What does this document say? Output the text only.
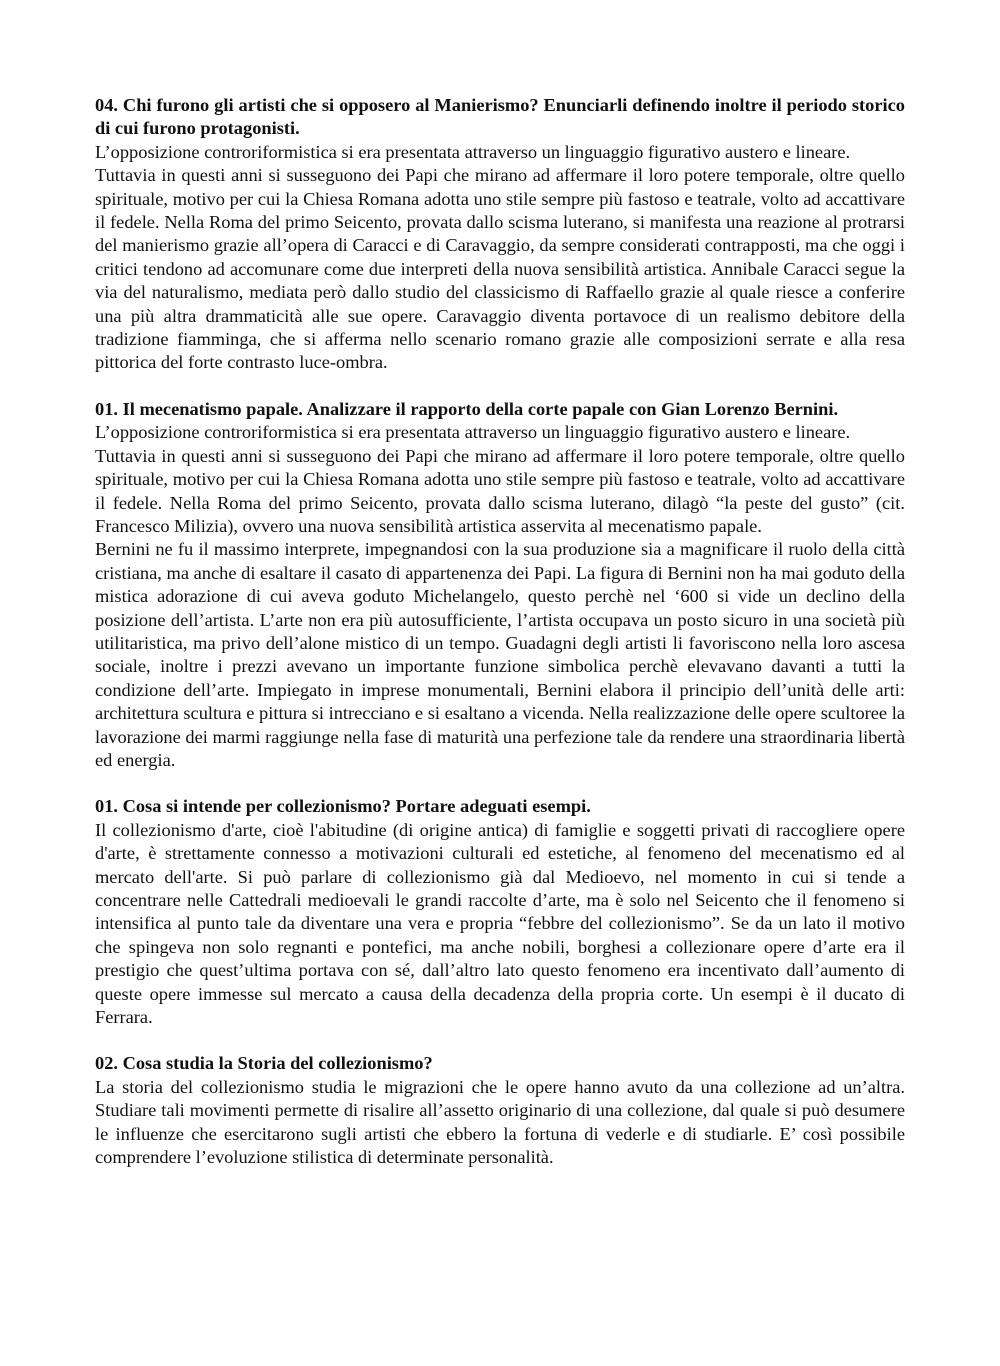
04. Chi furono gli artisti che si opposero al Manierismo? Enunciarli definendo inoltre il periodo storico di cui furono protagonisti.

L’opposizione controriformistica si era presentata attraverso un linguaggio figurativo austero e lineare.

Tuttavia in questi anni si susseguono dei Papi che mirano ad affermare il loro potere temporale, oltre quello spirituale, motivo per cui la Chiesa Romana adotta uno stile sempre più fastoso e teatrale, volto ad accattivare il fedele. Nella Roma del primo Seicento, provata dallo scisma luterano, si manifesta una reazione al protrarsi del manierismo grazie all’opera di Caracci e di Caravaggio, da sempre considerati contrapposti, ma che oggi i critici tendono ad accomunare come due interpreti della nuova sensibilità artistica. Annibale Caracci segue la via del naturalismo, mediata però dallo studio del classicismo di Raffaello grazie al quale riesce a conferire una più altra drammaticità alle sue opere. Caravaggio diventa portavoce di un realismo debitore della tradizione fiamminga, che si afferma nello scenario romano grazie alle composizioni serrate e alla resa pittorica del forte contrasto luce-ombra.

01. Il mecenatismo papale. Analizzare il rapporto della corte papale con Gian Lorenzo Bernini.

L’opposizione controriformistica si era presentata attraverso un linguaggio figurativo austero e lineare.

Tuttavia in questi anni si susseguono dei Papi che mirano ad affermare il loro potere temporale, oltre quello spirituale, motivo per cui la Chiesa Romana adotta uno stile sempre più fastoso e teatrale, volto ad accattivare il fedele. Nella Roma del primo Seicento, provata dallo scisma luterano, dilagò “la peste del gusto” (cit. Francesco Milizia), ovvero una nuova sensibilità artistica asservita al mecenatismo papale.

Bernini ne fu il massimo interprete, impegnandosi con la sua produzione sia a magnificare il ruolo della città cristiana, ma anche di esaltare il casato di appartenenza dei Papi. La figura di Bernini non ha mai goduto della mistica adorazione di cui aveva goduto Michelangelo, questo perchè nel ‘600 si vide un declino della posizione dell’artista. L’arte non era più autosufficiente, l’artista occupava un posto sicuro in una società più utilitaristica, ma privo dell’alone mistico di un tempo. Guadagni degli artisti li favoriscono nella loro ascesa sociale, inoltre i prezzi avevano un importante funzione simbolica perchè elevavano davanti a tutti la condizione dell’arte. Impiegato in imprese monumentali, Bernini elabora il principio dell’unità delle arti: architettura scultura e pittura si intrecciano e si esaltano a vicenda. Nella realizzazione delle opere scultoree la lavorazione dei marmi raggiunge nella fase di maturità una perfezione tale da rendere una straordinaria libertà ed energia.

01. Cosa si intende per collezionismo? Portare adeguati esempi.

Il collezionismo d'arte, cioè l'abitudine (di origine antica) di famiglie e soggetti privati di raccogliere opere d'arte, è strettamente connesso a motivazioni culturali ed estetiche, al fenomeno del mecenatismo ed al mercato dell'arte. Si può parlare di collezionismo già dal Medioevo, nel momento in cui si tende a concentrare nelle Cattedrali medioevali le grandi raccolte d’arte, ma è solo nel Seicento che il fenomeno si intensifica al punto tale da diventare una vera e propria “febbre del collezionismo”. Se da un lato il motivo che spingeva non solo regnanti e pontefici, ma anche nobili, borghesi a collezionare opere d’arte era il prestigio che quest’ultima portava con sé, dall’altro lato questo fenomeno era incentivato dall’aumento di queste opere immesse sul mercato a causa della decadenza della propria corte. Un esempi è il ducato di Ferrara.

02. Cosa studia la Storia del collezionismo?

La storia del collezionismo studia le migrazioni che le opere hanno avuto da una collezione ad un’altra. Studiare tali movimenti permette di risalire all’assetto originario di una collezione, dal quale si può desumere le influenze che esercitarono sugli artisti che ebbero la fortuna di vederle e di studiarle. E’ così possibile comprendere l’evoluzione stilistica di determinate personalità.
